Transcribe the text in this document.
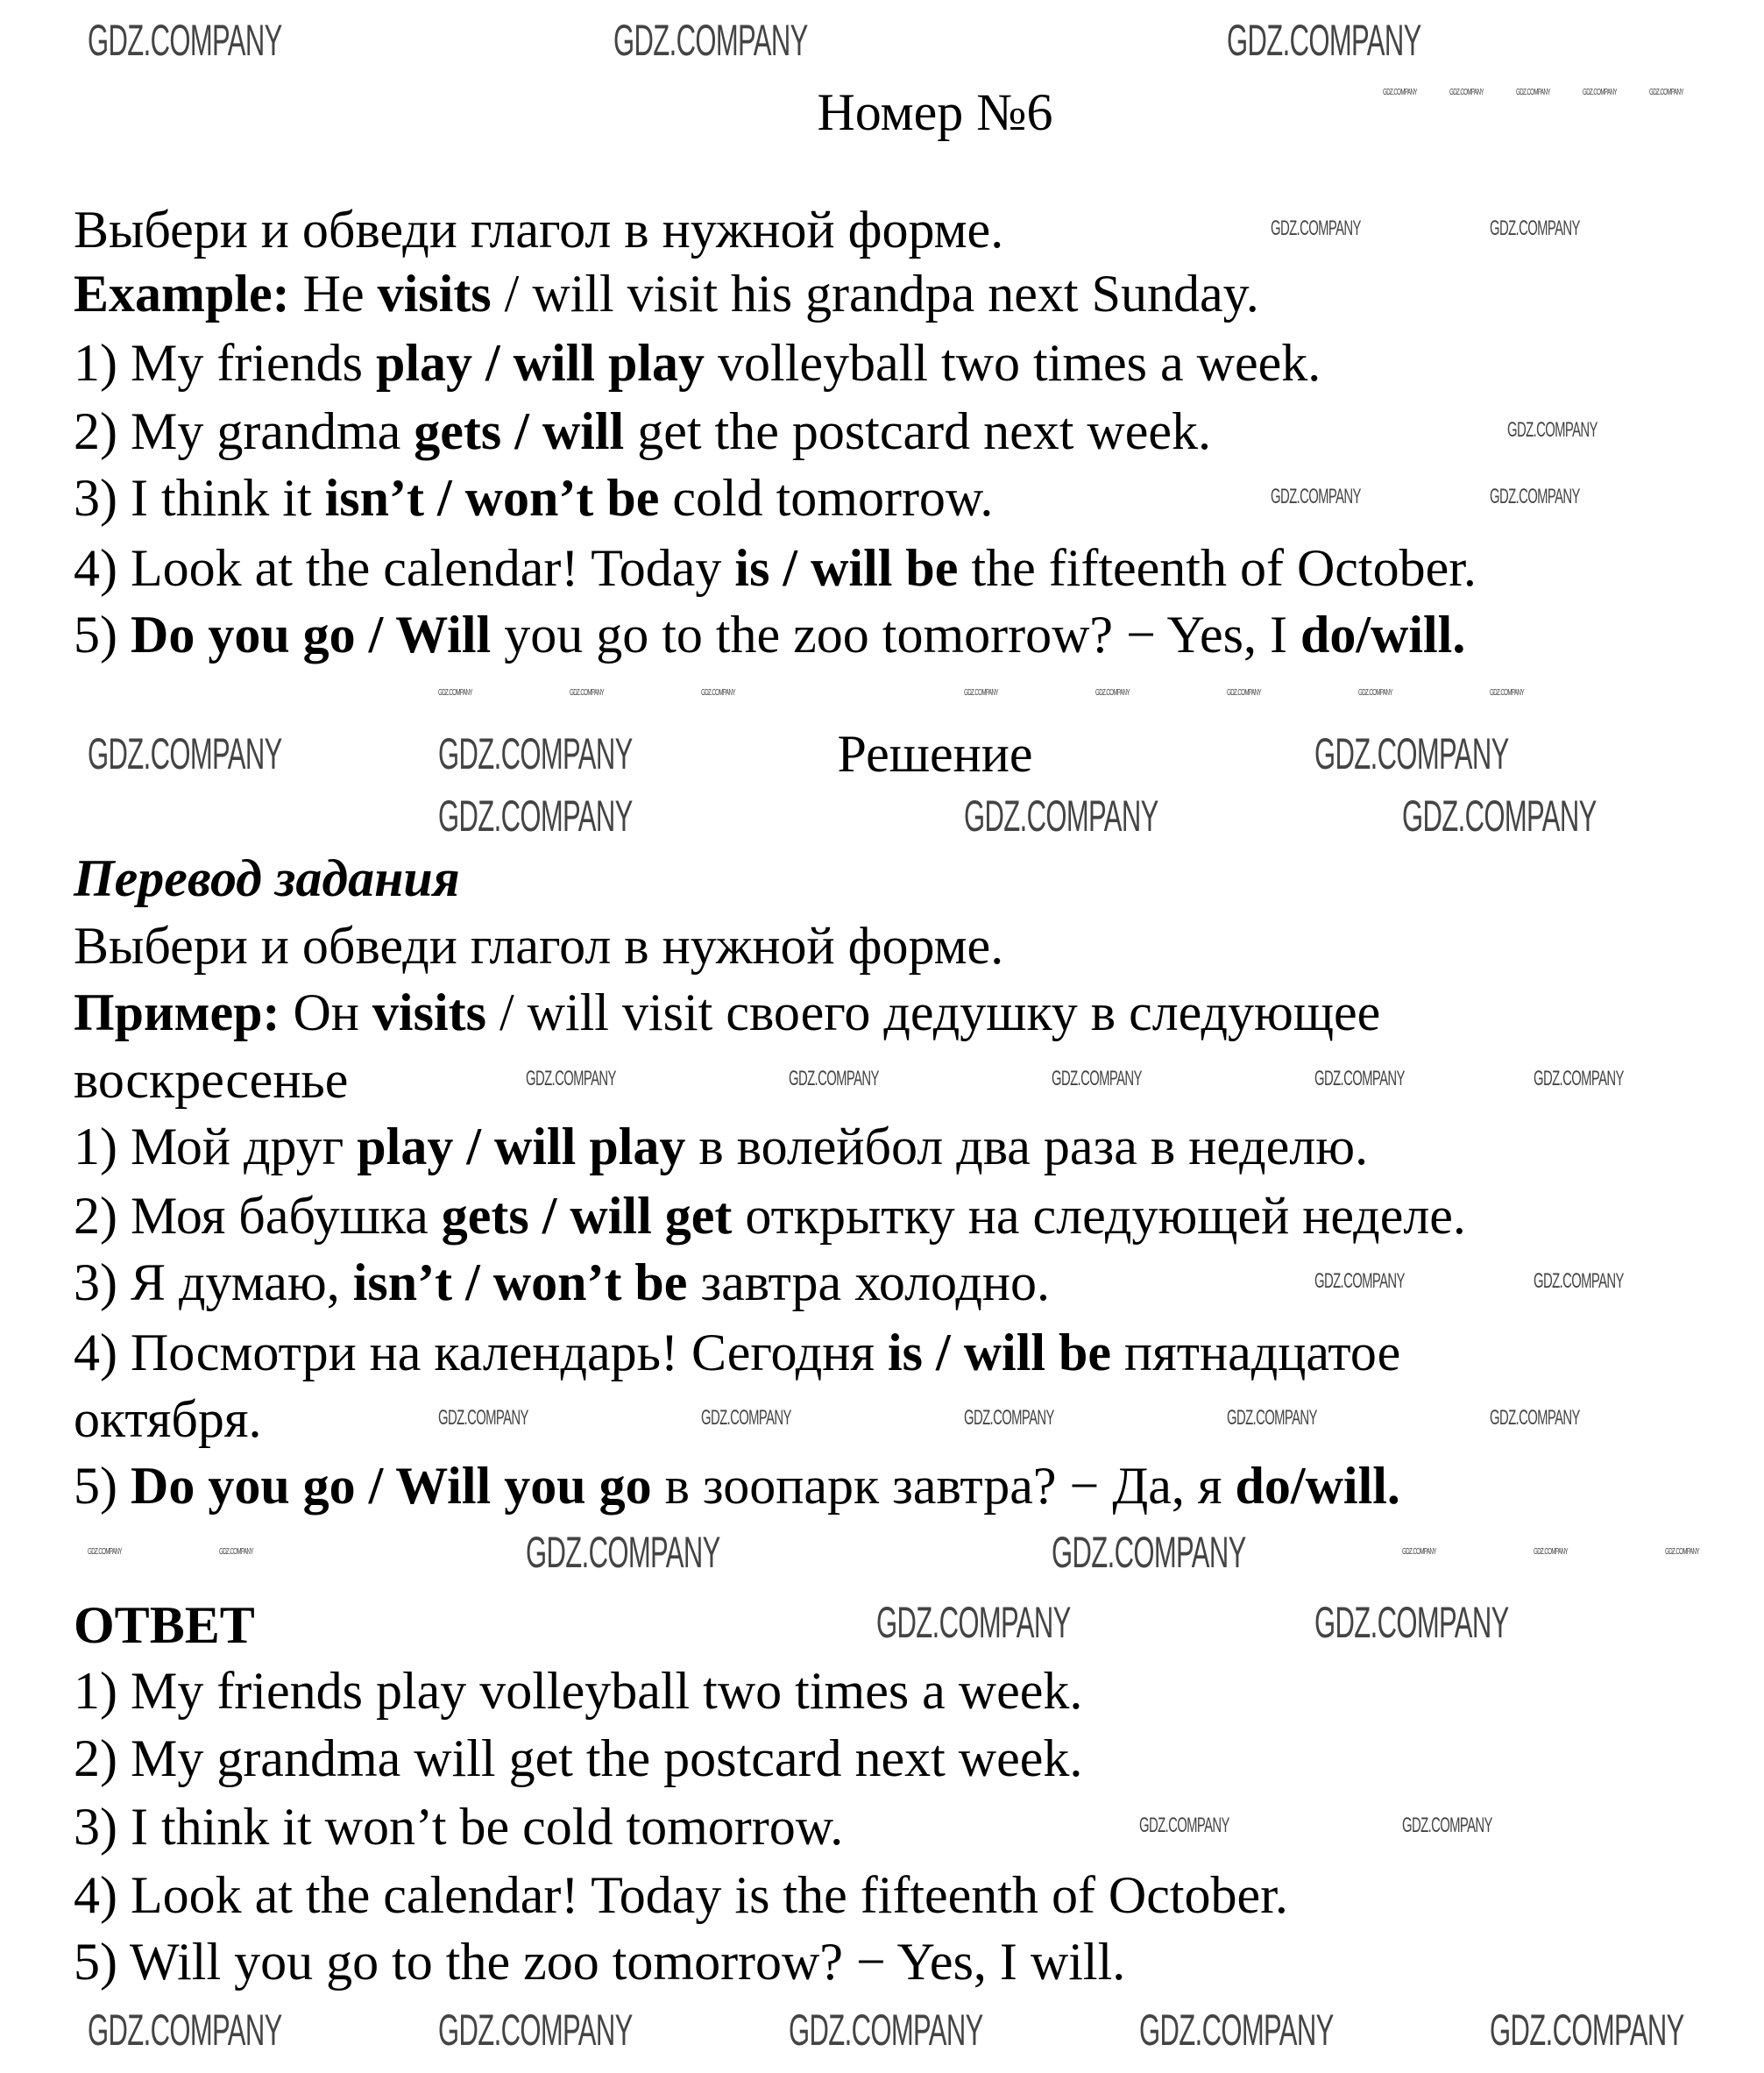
Номер №6
Выбери и обведи глагол в нужной форме.
Example: He visits / will visit his grandpa next Sunday.
1) My friends play / will play volleyball two times a week.
2) My grandma gets / will get the postcard next week.
3) I think it isn’t / won’t be cold tomorrow.
4) Look at the calendar! Today is / will be the fifteenth of October.
5) Do you go / Will you go to the zoo tomorrow? − Yes, I do/will.
Решение
Перевод задания
Выбери и обведи глагол в нужной форме.
Пример: Он visits / will visit своего дедушку в следующее
воскресенье
1) Мой друг play / will play в волейбол два раза в неделю.
2) Моя бабушка gets / will get открытку на следующей неделе.
3) Я думаю, isn’t / won’t be завтра холодно.
4) Посмотри на календарь! Сегодня is / will be пятнадцатое
октября.
5) Do you go / Will you go в зоопарк завтра? − Да, я do/will.
ОТВЕТ
1) My friends play volleyball two times a week.
2) My grandma will get the postcard next week.
3) I think it won’t be cold tomorrow.
4) Look at the calendar! Today is the fifteenth of October.
5) Will you go to the zoo tomorrow? − Yes, I will.
GDZ.COMPANY	GDZ.COMPANY	GDZ.COMPANY
GDZ.COMPANY	GDZ.COMPANY	GDZ.COMPANY
GDZ.COMPANY	GDZ.COMPANY	GDZ.COMPANY
GDZ.COMPANY	GDZ.COMPANY
GDZ.COMPANY	GDZ.COMPANY
GDZ.COMPANY	GDZ.COMPANY	GDZ.COMPANY	GDZ.COMPANY	GDZ.COMPANY
GDZ.COMPANY	GDZ.COMPANY
GDZ.COMPANY
GDZ.COMPANY	GDZ.COMPANY
GDZ.COMPANY	GDZ.COMPANY	GDZ.COMPANY	GDZ.COMPANY	GDZ.COMPANY
GDZ.COMPANY	GDZ.COMPANY
GDZ.COMPANY	GDZ.COMPANY	GDZ.COMPANY	GDZ.COMPANY	GDZ.COMPANY
GDZ.COMPANY	GDZ.COMPANY
GDZ.COMPANY	GDZ.COMPANY	GDZ.COMPANY	GDZ.COMPANY	GDZ.COMPANY
GDZ.COMPANY	GDZ.COMPANY	GDZ.COMPANY	GDZ.COMPANY	GDZ.COMPANY	GDZ.COMPANY	GDZ.COMPANY	GDZ.COMPANY
GDZ.COMPANY	GDZ.COMPANY	GDZ.COMPANY	GDZ.COMPANY	GDZ.COMPANY
